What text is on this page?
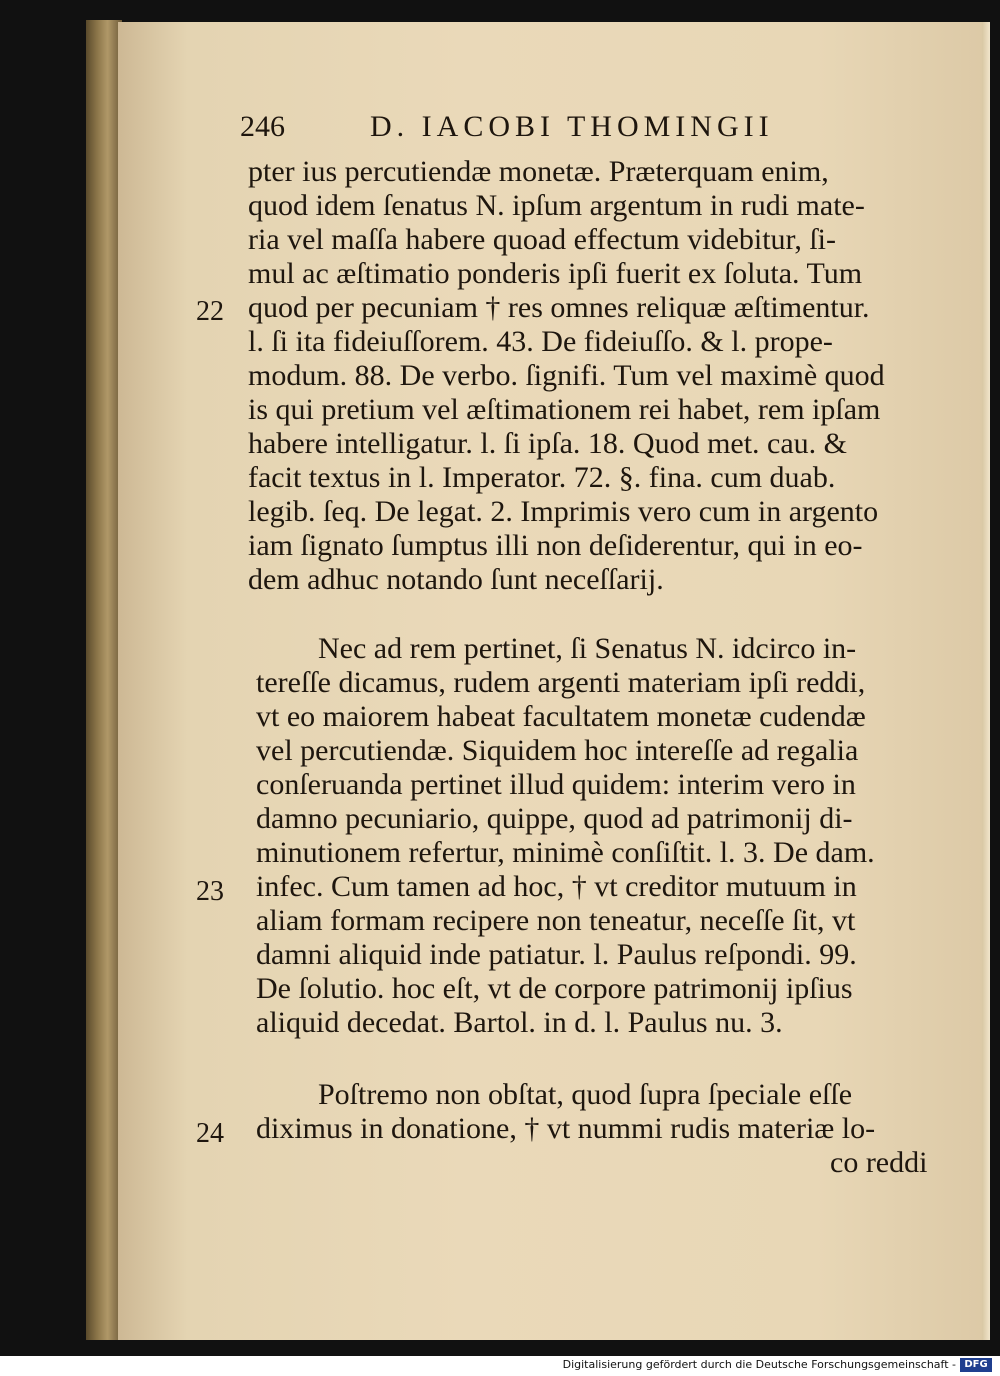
246	D. IACOBI THOMINGII
pter ius percutiendæ monetæ. Præterquam enim,
quod idem ſenatus N. ipſum argentum in rudi mate-
ria vel maſſa habere quoad effectum videbitur, ſi-
mul ac æſtimatio ponderis ipſi fuerit ex ſoluta. Tum
quod per pecuniam † res omnes reliquæ æſtimentur.
l. ſi ita fideiuſſorem. 43. De fideiuſſo. & l. prope-
modum. 88. De verbo. ſignifi. Tum vel maximè quod
is qui pretium vel æſtimationem rei habet, rem ipſam
habere intelligatur. l. ſi ipſa. 18. Quod met. cau. &
facit textus in l. Imperator. 72. §. fina. cum duab.
legib. ſeq. De legat. 2. Imprimis vero cum in argento
iam ſignato ſumptus illi non deſiderentur, qui in eo-
dem adhuc notando ſunt neceſſarij.
Nec ad rem pertinet, ſi Senatus N. idcirco in-
tereſſe dicamus, rudem argenti materiam ipſi reddi,
vt eo maiorem habeat facultatem monetæ cudendæ
vel percutiendæ. Siquidem hoc intereſſe ad regalia
conſeruanda pertinet illud quidem: interim vero in
damno pecuniario, quippe, quod ad patrimonij di-
minutionem refertur, minimè conſiſtit. l. 3. De dam.
infec. Cum tamen ad hoc, † vt creditor mutuum in
aliam formam recipere non teneatur, neceſſe ſit, vt
damni aliquid inde patiatur. l. Paulus reſpondi. 99.
De ſolutio. hoc eſt, vt de corpore patrimonij ipſius
aliquid decedat. Bartol. in d. l. Paulus nu. 3.
Poſtremo non obſtat, quod ſupra ſpeciale eſſe
diximus in donatione, † vt nummi rudis materiæ lo-
co reddi
22
23
24
Digitalisierung gefördert durch die Deutsche Forschungsgemeinschaft - DFG
